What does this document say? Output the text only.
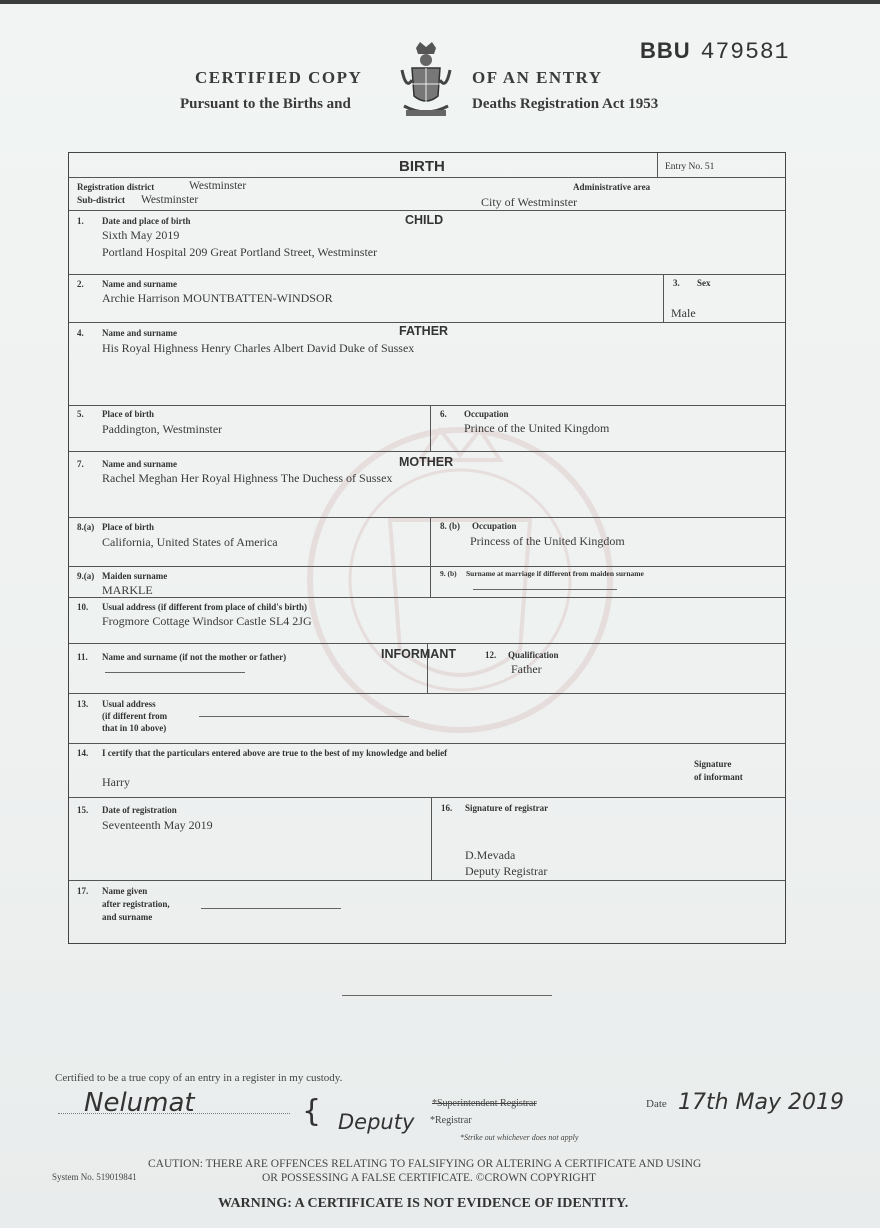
BBU 479581
CERTIFIED COPY	OF AN ENTRY
Pursuant to the Births and	Deaths Registration Act 1953
BIRTH	Entry No. 51
Registration district	Westminster	Administrative area
Sub-district Westminster	City of Westminster
CHILD
1. Date and place of birth
Sixth May 2019
Portland Hospital 209 Great Portland Street, Westminster
2. Name and surname
Archie Harrison MOUNTBATTEN-WINDSOR
3. Sex
Male
FATHER
4. Name and surname
His Royal Highness Henry Charles Albert David Duke of Sussex
5. Place of birth
Paddington, Westminster
6. Occupation
Prince of the United Kingdom
MOTHER
7. Name and surname
Rachel Meghan Her Royal Highness The Duchess of Sussex
8.(a) Place of birth
California, United States of America
8. (b) Occupation
Princess of the United Kingdom
9.(a) Maiden surname
MARKLE
9. (b) Surname at marriage if different from maiden surname
10. Usual address (if different from place of child's birth)
Frogmore Cottage Windsor Castle SL4 2JG
INFORMANT
11. Name and surname (if not the mother or father)	12. Qualification
Father
13. Usual address
(if different from
that in 10 above)
14. I certify that the particulars entered above are true to the best of my knowledge and belief
Harry
Signature
of informant
15. Date of registration
Seventeenth May 2019
16. Signature of registrar
D.Mevada
Deputy Registrar
17. Name given
after registration,
and surname
Certified to be a true copy of an entry in a register in my custody.
Nelumat	{ Deputy
*Superintendent Registrar
*Registrar
*Strike out whichever does not apply
Date 17th May 2019
System No. 519019841
CAUTION: THERE ARE OFFENCES RELATING TO FALSIFYING OR ALTERING A CERTIFICATE AND USING
OR POSSESSING A FALSE CERTIFICATE. ©CROWN COPYRIGHT
WARNING: A CERTIFICATE IS NOT EVIDENCE OF IDENTITY.
